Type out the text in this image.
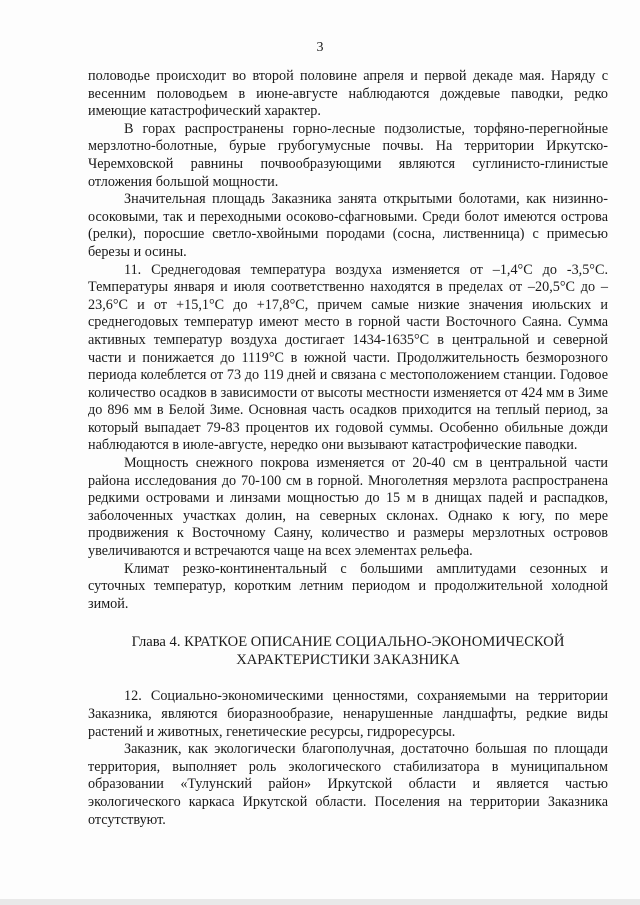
3

половодье происходит во второй половине апреля и первой декаде мая. Наряду с весенним половодьем в июне-августе наблюдаются дождевые паводки, редко имеющие катастрофический характер.

В горах распространены горно-лесные подзолистые, торфяно-перегнойные мерзлотно-болотные, бурые грубогумусные почвы. На территории Иркутско-Черемховской равнины почвообразующими являются суглинисто-глинистые отложения большой мощности.

Значительная площадь Заказника занята открытыми болотами, как низинно-осоковыми, так и переходными осоково-сфагновыми. Среди болот имеются острова (релки), поросшие светло-хвойными породами (сосна, лиственница) с примесью березы и осины.

11. Среднегодовая температура воздуха изменяется от –1,4°С до -3,5°С. Температуры января и июля соответственно находятся в пределах от –20,5°С до –23,6°С и от +15,1°С до +17,8°С, причем самые низкие значения июльских и среднегодовых температур имеют место в горной части Восточного Саяна. Сумма активных температур воздуха достигает 1434-1635°С в центральной и северной части и понижается до 1119°С в южной части. Продолжительность безморозного периода колеблется от 73 до 119 дней и связана с местоположением станции. Годовое количество осадков в зависимости от высоты местности изменяется от 424 мм в Зиме до 896 мм в Белой Зиме. Основная часть осадков приходится на теплый период, за который выпадает 79-83 процентов их годовой суммы. Особенно обильные дожди наблюдаются в июле-августе, нередко они вызывают катастрофические паводки.

Мощность снежного покрова изменяется от 20-40 см в центральной части района исследования до 70-100 см в горной. Многолетняя мерзлота распространена редкими островами и линзами мощностью до 15 м в днищах падей и распадков, заболоченных участках долин, на северных склонах. Однако к югу, по мере продвижения к Восточному Саяну, количество и размеры мерзлотных островов увеличиваются и встречаются чаще на всех элементах рельефа.

Климат резко-континентальный с большими амплитудами сезонных и суточных температур, коротким летним периодом и продолжительной холодной зимой.

Глава 4. КРАТКОЕ ОПИСАНИЕ СОЦИАЛЬНО-ЭКОНОМИЧЕСКОЙ
ХАРАКТЕРИСТИКИ ЗАКАЗНИКА

12. Социально-экономическими ценностями, сохраняемыми на территории Заказника, являются биоразнообразие, ненарушенные ландшафты, редкие виды растений и животных, генетические ресурсы, гидроресурсы.

Заказник, как экологически благополучная, достаточно большая по площади территория, выполняет роль экологического стабилизатора в муниципальном образовании «Тулунский район» Иркутской области и является частью экологического каркаса Иркутской области. Поселения на территории Заказника отсутствуют.
